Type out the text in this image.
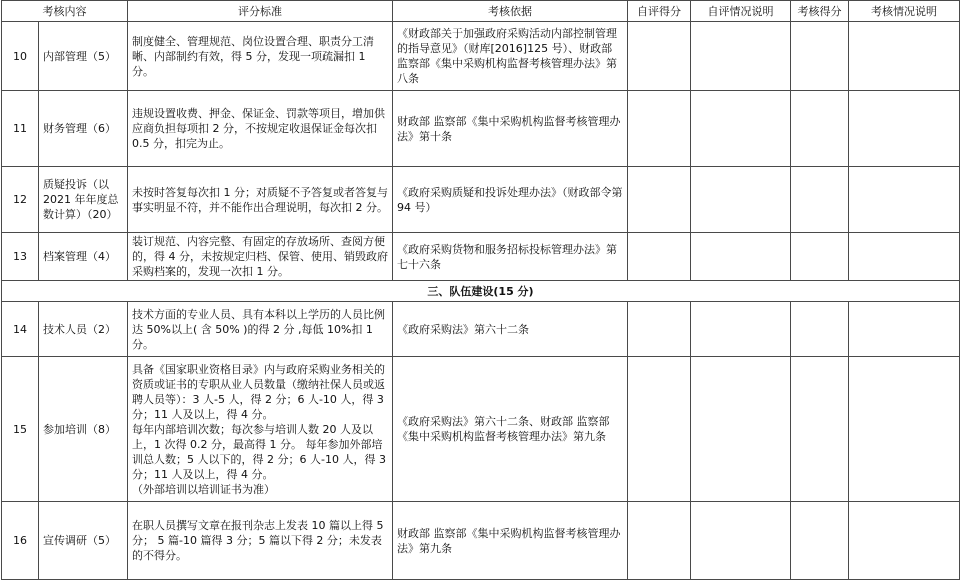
考核内容		评分标准	考核依据	自评得分	自评情况说明	考核得分	考核情况说明
10	内部管理（5）	制度健全、管理规范、岗位设置合理、职责分工清晰、内部制约有效，得 5 分，发现一项疏漏扣 1 分。	《财政部关于加强政府采购活动内部控制管理的指导意见》（财库[2016]125 号）、财政部 监察部《集中采购机构监督考核管理办法》第八条				
11	财务管理（6）	违规设置收费、押金、保证金、罚款等项目，增加供应商负担每项扣 2 分，不按规定收退保证金每次扣 0.5 分，扣完为止。	财政部 监察部《集中采购机构监督考核管理办法》第十条				
12	质疑投诉（以 2021 年年度总数计算）（20）	未按时答复每次扣 1 分；对质疑不予答复或者答复与事实明显不符，并不能作出合理说明，每次扣 2 分。	《政府采购质疑和投诉处理办法》（财政部令第 94 号）				
13	档案管理（4）	装订规范、内容完整、有固定的存放场所、查阅方便的，得 4 分，未按规定归档、保管、使用、销毁政府采购档案的，发现一次扣 1 分。	《政府采购货物和服务招标投标管理办法》第七十六条				
三、队伍建设(15 分)							
14	技术人员（2）	技术方面的专业人员、具有本科以上学历的人员比例达 50%以上( 含 50% )的得 2 分 ,每低 10%扣 1 分。	《政府采购法》第六十二条				
15	参加培训（8）	具备《国家职业资格目录》内与政府采购业务相关的资质或证书的专职从业人员数量（缴纳社保人员或返聘人员等）：3 人-5 人，得 2 分；6 人-10 人，得 3 分；11 人及以上，得 4 分。
每年内部培训次数；每次参与培训人数 20 人及以上，1 次得 0.2 分，最高得 1 分。 每年参加外部培训总人数；5 人以下的，得 2 分；6 人-10 人，得 3 分；11 人及以上，得 4 分。
（外部培训以培训证书为准）	《政府采购法》第六十二条、财政部 监察部《集中采购机构监督考核管理办法》第九条				
16	宣传调研（5）	在职人员撰写文章在报刊杂志上发表 10 篇以上得 5 分； 5 篇-10 篇得 3 分；5 篇以下得 2 分；未发表的不得分。	财政部 监察部《集中采购机构监督考核管理办法》第九条				
